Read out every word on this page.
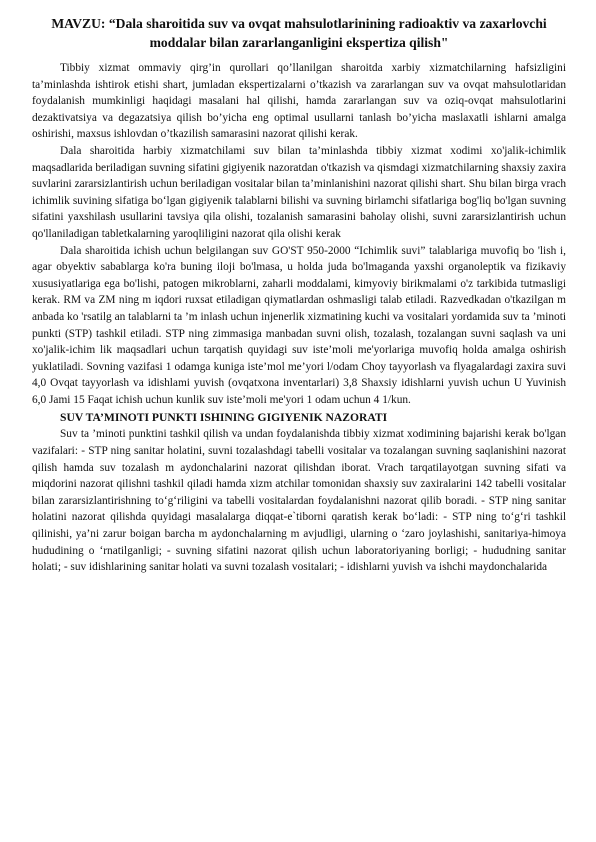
MAVZU: “Dala sharoitida suv va ovqat mahsulotlarinining radioaktiv va zaxarlovchi moddalar bilan zararlanganligini ekspertiza qilish"

Tibbiy xizmat ommaviy qirg’in qurollari qo’llanilgan sharoitda xarbiy xizmatchilarning hafsizligini ta’minlashda ishtirok etishi shart, jumladan ekspertizalarni o’tkazish va zararlangan suv va ovqat mahsulotlaridan foydalanish mumkinligi haqidagi masalani hal qilishi, hamda zararlangan suv va oziq-ovqat mahsulotlarini dezaktivatsiya va degazatsiya qilish bo’yicha eng optimal usullarni tanlash bo’yicha maslaxatli ishlarni amalga oshirishi, maxsus ishlovdan o’tkazilish samarasini nazorat qilishi kerak.

Dala sharoitida harbiy xizmatchilami suv bilan ta’minlashda tibbiy xizmat xodimi xo'jalik-ichimlik maqsadlarida beriladigan suvning sifatini gigiyenik nazoratdan o'tkazish va qismdagi xizmatchilarning shaxsiy zaxira suvlarini zararsizlantirish uchun beriladigan vositalar bilan ta’minlanishini nazorat qilishi shart. Shu bilan birga vrach ichimlik suvining sifatiga bo‘lgan gigiyenik talablarni bilishi va suvning birlamchi sifatlariga bog'liq bo'lgan suvning sifatini yaxshilash usullarini tavsiya qila olishi, tozalanish samarasini baholay olishi, suvni zararsizlantirish uchun qo'llaniladigan tabletkalarning yaroqliligini nazorat qila olishi kerak

Dala sharoitida ichish uchun belgilangan suv GO'ST 950-2000 “Ichimlik suvi” talablariga muvofiq bo 'lish i, agar obyektiv sabablarga ko'ra buning iloji bo'lmasa, u holda juda bo'lmaganda yaxshi organoleptik va fizikaviy xususiyatlariga ega bo'lishi, patogen mikroblarni, zaharli moddalami, kimyoviy birikmalami o'z tarkibida tutmasligi kerak. RM va ZM ning m iqdori ruxsat etiladigan qiymatlardan oshmasligi talab etiladi. Razvedkadan o'tkazilgan m anbada ko 'rsatilg an talablarni ta ’m inlash uchun injenerlik xizmatining kuchi va vositalari yordamida suv ta ’minoti punkti (STP) tashkil etiladi. STP ning zimmasiga manbadan suvni olish, tozalash, tozalangan suvni saqlash va uni xo'jalik-ichim lik maqsadlari uchun tarqatish quyidagi suv iste’moli me'yorlariga muvofiq holda amalga oshirish yuklatiladi. Sovning vazifasi 1 odamga kuniga iste’mol me’yori l/odam Choy tayyorlash va flyagalardagi zaxira suvi 4,0 Ovqat tayyorlash va idishlami yuvish (ovqatxona inventarlari) 3,8 Shaxsiy idishlarni yuvish uchun U Yuvinish 6,0 Jami 15 Faqat ichish uchun kunlik suv iste’moli me'yori 1 odam uchun 4 1/kun.

SUV TA’MINOTI PUNKTI ISHINING GIGIYENIK NAZORATI

Suv ta ’minoti punktini tashkil qilish va undan foydalanishda tibbiy xizmat xodimining bajarishi kerak bo'lgan vazifalari: - STP ning sanitar holatini, suvni tozalashdagi tabelli vositalar va tozalangan suvning saqlanishini nazorat qilish hamda suv tozalash m aydonchalarini nazorat qilishdan iborat. Vrach tarqatilayotgan suvning sifati va miqdorini nazorat qilishni tashkil qiladi hamda xizm atchilar tomonidan shaxsiy suv zaxiralarini 142 tabelli vositalar bilan zararsizlantirishning to‘g‘riligini va tabelli vositalardan foydalanishni nazorat qilib boradi. - STP ning sanitar holatini nazorat qilishda quyidagi masalalarga diqqat-e`tiborni qaratish kerak bo‘ladi: - STP ning to‘g‘ri tashkil qilinishi, ya’ni zarur boigan barcha m aydonchalarning m avjudligi, ularning o ‘zaro joylashishi, sanitariya-himoya hududining o ‘rnatilganligi; - suvning sifatini nazorat qilish uchun laboratoriyaning borligi; - hududning sanitar holati; - suv idishlarining sanitar holati va suvni tozalash vositalari; - idishlarni yuvish va ishchi maydonchalarida
